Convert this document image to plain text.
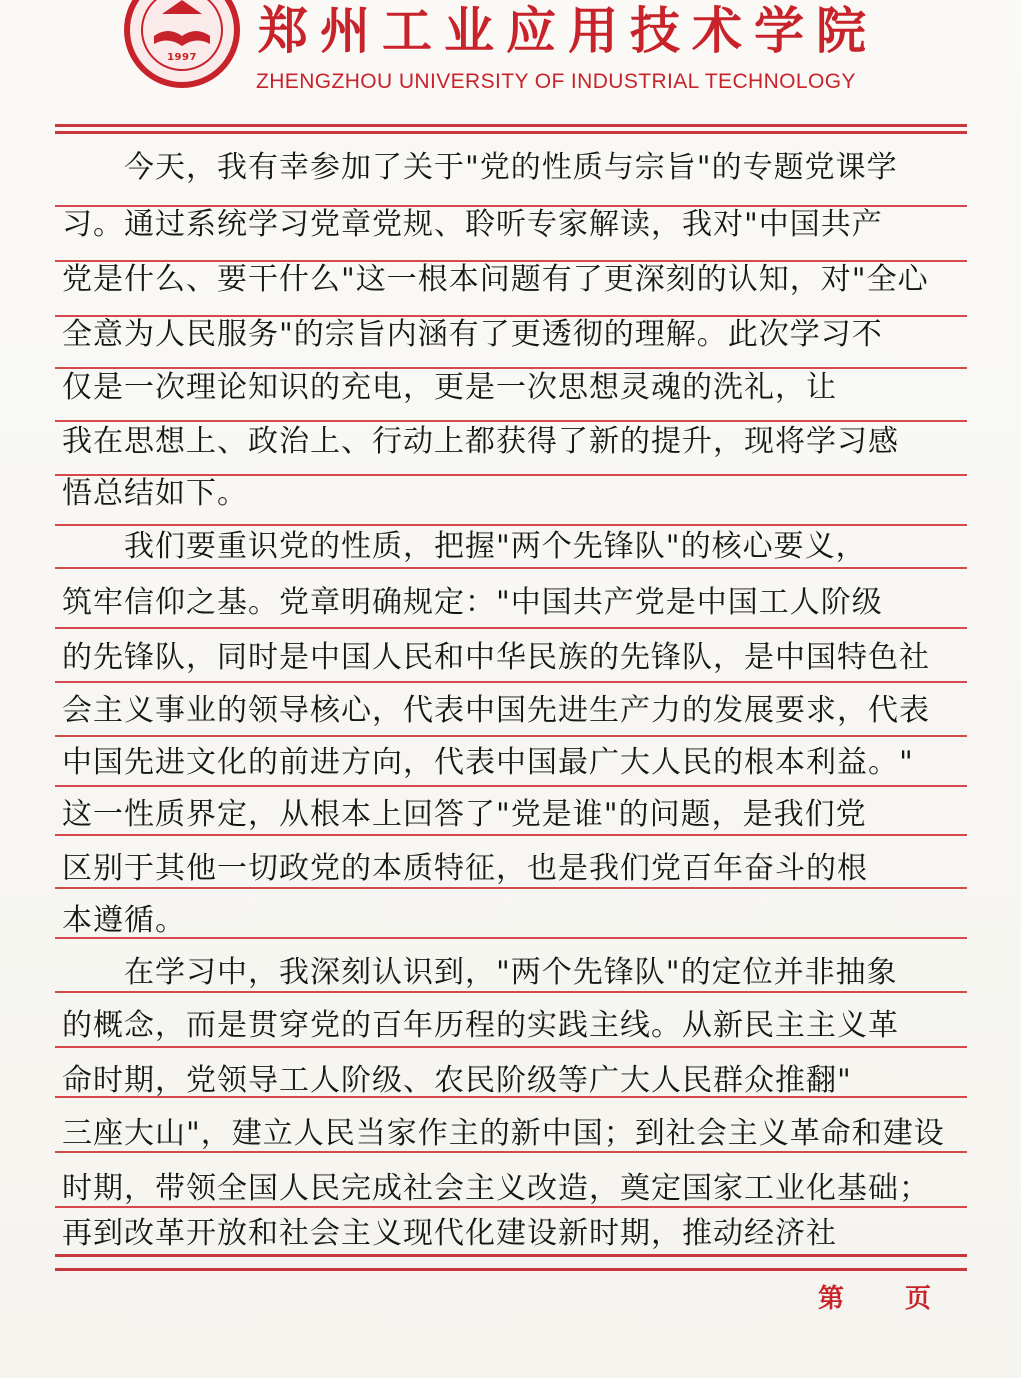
1997	郑州工业应用技术学院
ZHENGZHOU UNIVERSITY OF INDUSTRIAL TECHNOLOGY
今天，我有幸参加了关于"党的性质与宗旨"的专题党课学
习。通过系统学习党章党规、聆听专家解读，我对"中国共产
党是什么、要干什么"这一根本问题有了更深刻的认知，对"全心
全意为人民服务"的宗旨内涵有了更透彻的理解。此次学习不
仅是一次理论知识的充电，更是一次思想灵魂的洗礼，让
我在思想上、政治上、行动上都获得了新的提升，现将学习感
悟总结如下。
我们要重识党的性质，把握"两个先锋队"的核心要义，
筑牢信仰之基。党章明确规定："中国共产党是中国工人阶级
的先锋队，同时是中国人民和中华民族的先锋队，是中国特色社
会主义事业的领导核心，代表中国先进生产力的发展要求，代表
中国先进文化的前进方向，代表中国最广大人民的根本利益。"
这一性质界定，从根本上回答了"党是谁"的问题，是我们党
区别于其他一切政党的本质特征，也是我们党百年奋斗的根
本遵循。
在学习中，我深刻认识到，"两个先锋队"的定位并非抽象
的概念，而是贯穿党的百年历程的实践主线。从新民主主义革
命时期，党领导工人阶级、农民阶级等广大人民群众推翻"
三座大山"，建立人民当家作主的新中国；到社会主义革命和建设
时期，带领全国人民完成社会主义改造，奠定国家工业化基础；
再到改革开放和社会主义现代化建设新时期，推动经济社
第 页
